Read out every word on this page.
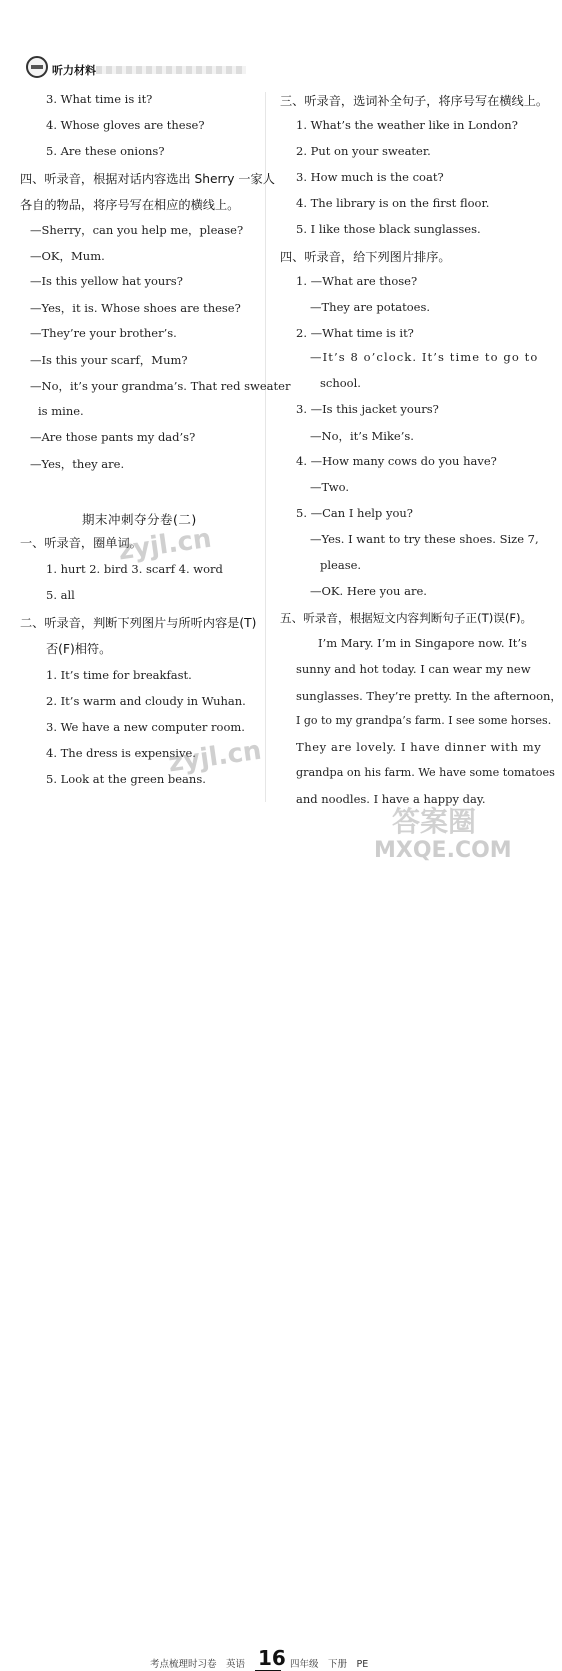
听力材料
3. What time is it?
4. Whose gloves are these?
5. Are these onions?
四、听录音，根据对话内容选出 Sherry 一家人
各自的物品，将序号写在相应的横线上。
—Sherry，can you help me，please?
—OK，Mum.
—Is this yellow hat yours?
—Yes，it is. Whose shoes are these?
—They’re your brother’s.
—Is this your scarf，Mum?
—No，it’s your grandma’s. That red sweater
is mine.
—Are those pants my dad’s?
—Yes，they are.
期末冲刺夺分卷(二)
一、听录音，圈单词。
1. hurt 2. bird 3. scarf 4. word
5. all
二、听录音，判断下列图片与所听内容是(T)
否(F)相符。
1. It’s time for breakfast.
2. It’s warm and cloudy in Wuhan.
3. We have a new computer room.
4. The dress is expensive.
5. Look at the green beans.
三、听录音，选词补全句子，将序号写在横线上。
1. What’s the weather like in London?
2. Put on your sweater.
3. How much is the coat?
4. The library is on the first floor.
5. I like those black sunglasses.
四、听录音，给下列图片排序。
1. —What are those?
—They are potatoes.
2. —What time is it?
—It’s 8 o’clock. It’s time to go to
school.
3. —Is this jacket yours?
—No，it’s Mike’s.
4. —How many cows do you have?
—Two.
5. —Can I help you?
—Yes. I want to try these shoes. Size 7,
please.
—OK. Here you are.
五、听录音，根据短文内容判断句子正(T)误(F)。
I’m Mary. I’m in Singapore now. It’s
sunny and hot today. I can wear my new
sunglasses. They’re pretty. In the afternoon，
I go to my grandpa’s farm. I see some horses.
They are lovely. I have dinner with my
grandpa on his farm. We have some tomatoes
and noodles. I have a happy day.
zyjl.cn
zyjl.cn
答案圈
MXQE.COM
考点梳理时习卷　英语 16 四年级　下册　PE
